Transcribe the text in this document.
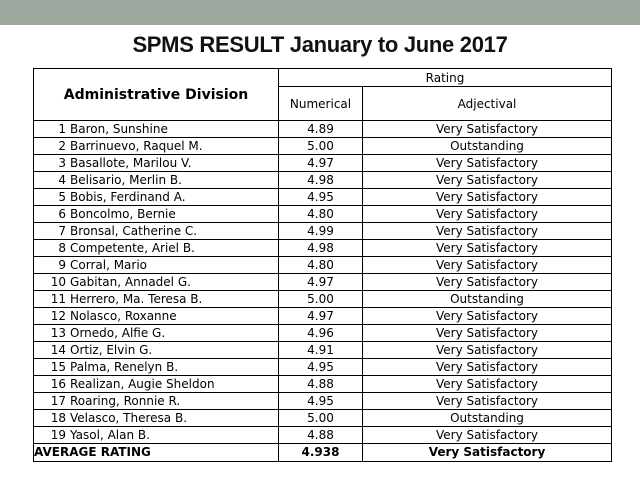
SPMS RESULT January to June 2017
Administrative Division	Rating	
	Numerical	Adjectival
1 Baron, Sunshine	4.89	Very Satisfactory
2 Barrinuevo, Raquel M.	5.00	Outstanding
3 Basallote, Marilou V.	4.97	Very Satisfactory
4 Belisario, Merlin B.	4.98	Very Satisfactory
5 Bobis, Ferdinand A.	4.95	Very Satisfactory
6 Boncolmo, Bernie	4.80	Very Satisfactory
7 Bronsal, Catherine C.	4.99	Very Satisfactory
8 Competente, Ariel B.	4.98	Very Satisfactory
9 Corral, Mario	4.80	Very Satisfactory
10 Gabitan, Annadel G.	4.97	Very Satisfactory
11 Herrero, Ma. Teresa B.	5.00	Outstanding
12 Nolasco, Roxanne	4.97	Very Satisfactory
13 Ornedo, Alfie G.	4.96	Very Satisfactory
14 Ortiz, Elvin G.	4.91	Very Satisfactory
15 Palma, Renelyn B.	4.95	Very Satisfactory
16 Realizan, Augie Sheldon	4.88	Very Satisfactory
17 Roaring, Ronnie R.	4.95	Very Satisfactory
18 Velasco, Theresa B.	5.00	Outstanding
19 Yasol, Alan B.	4.88	Very Satisfactory
AVERAGE RATING	4.938	Very Satisfactory
